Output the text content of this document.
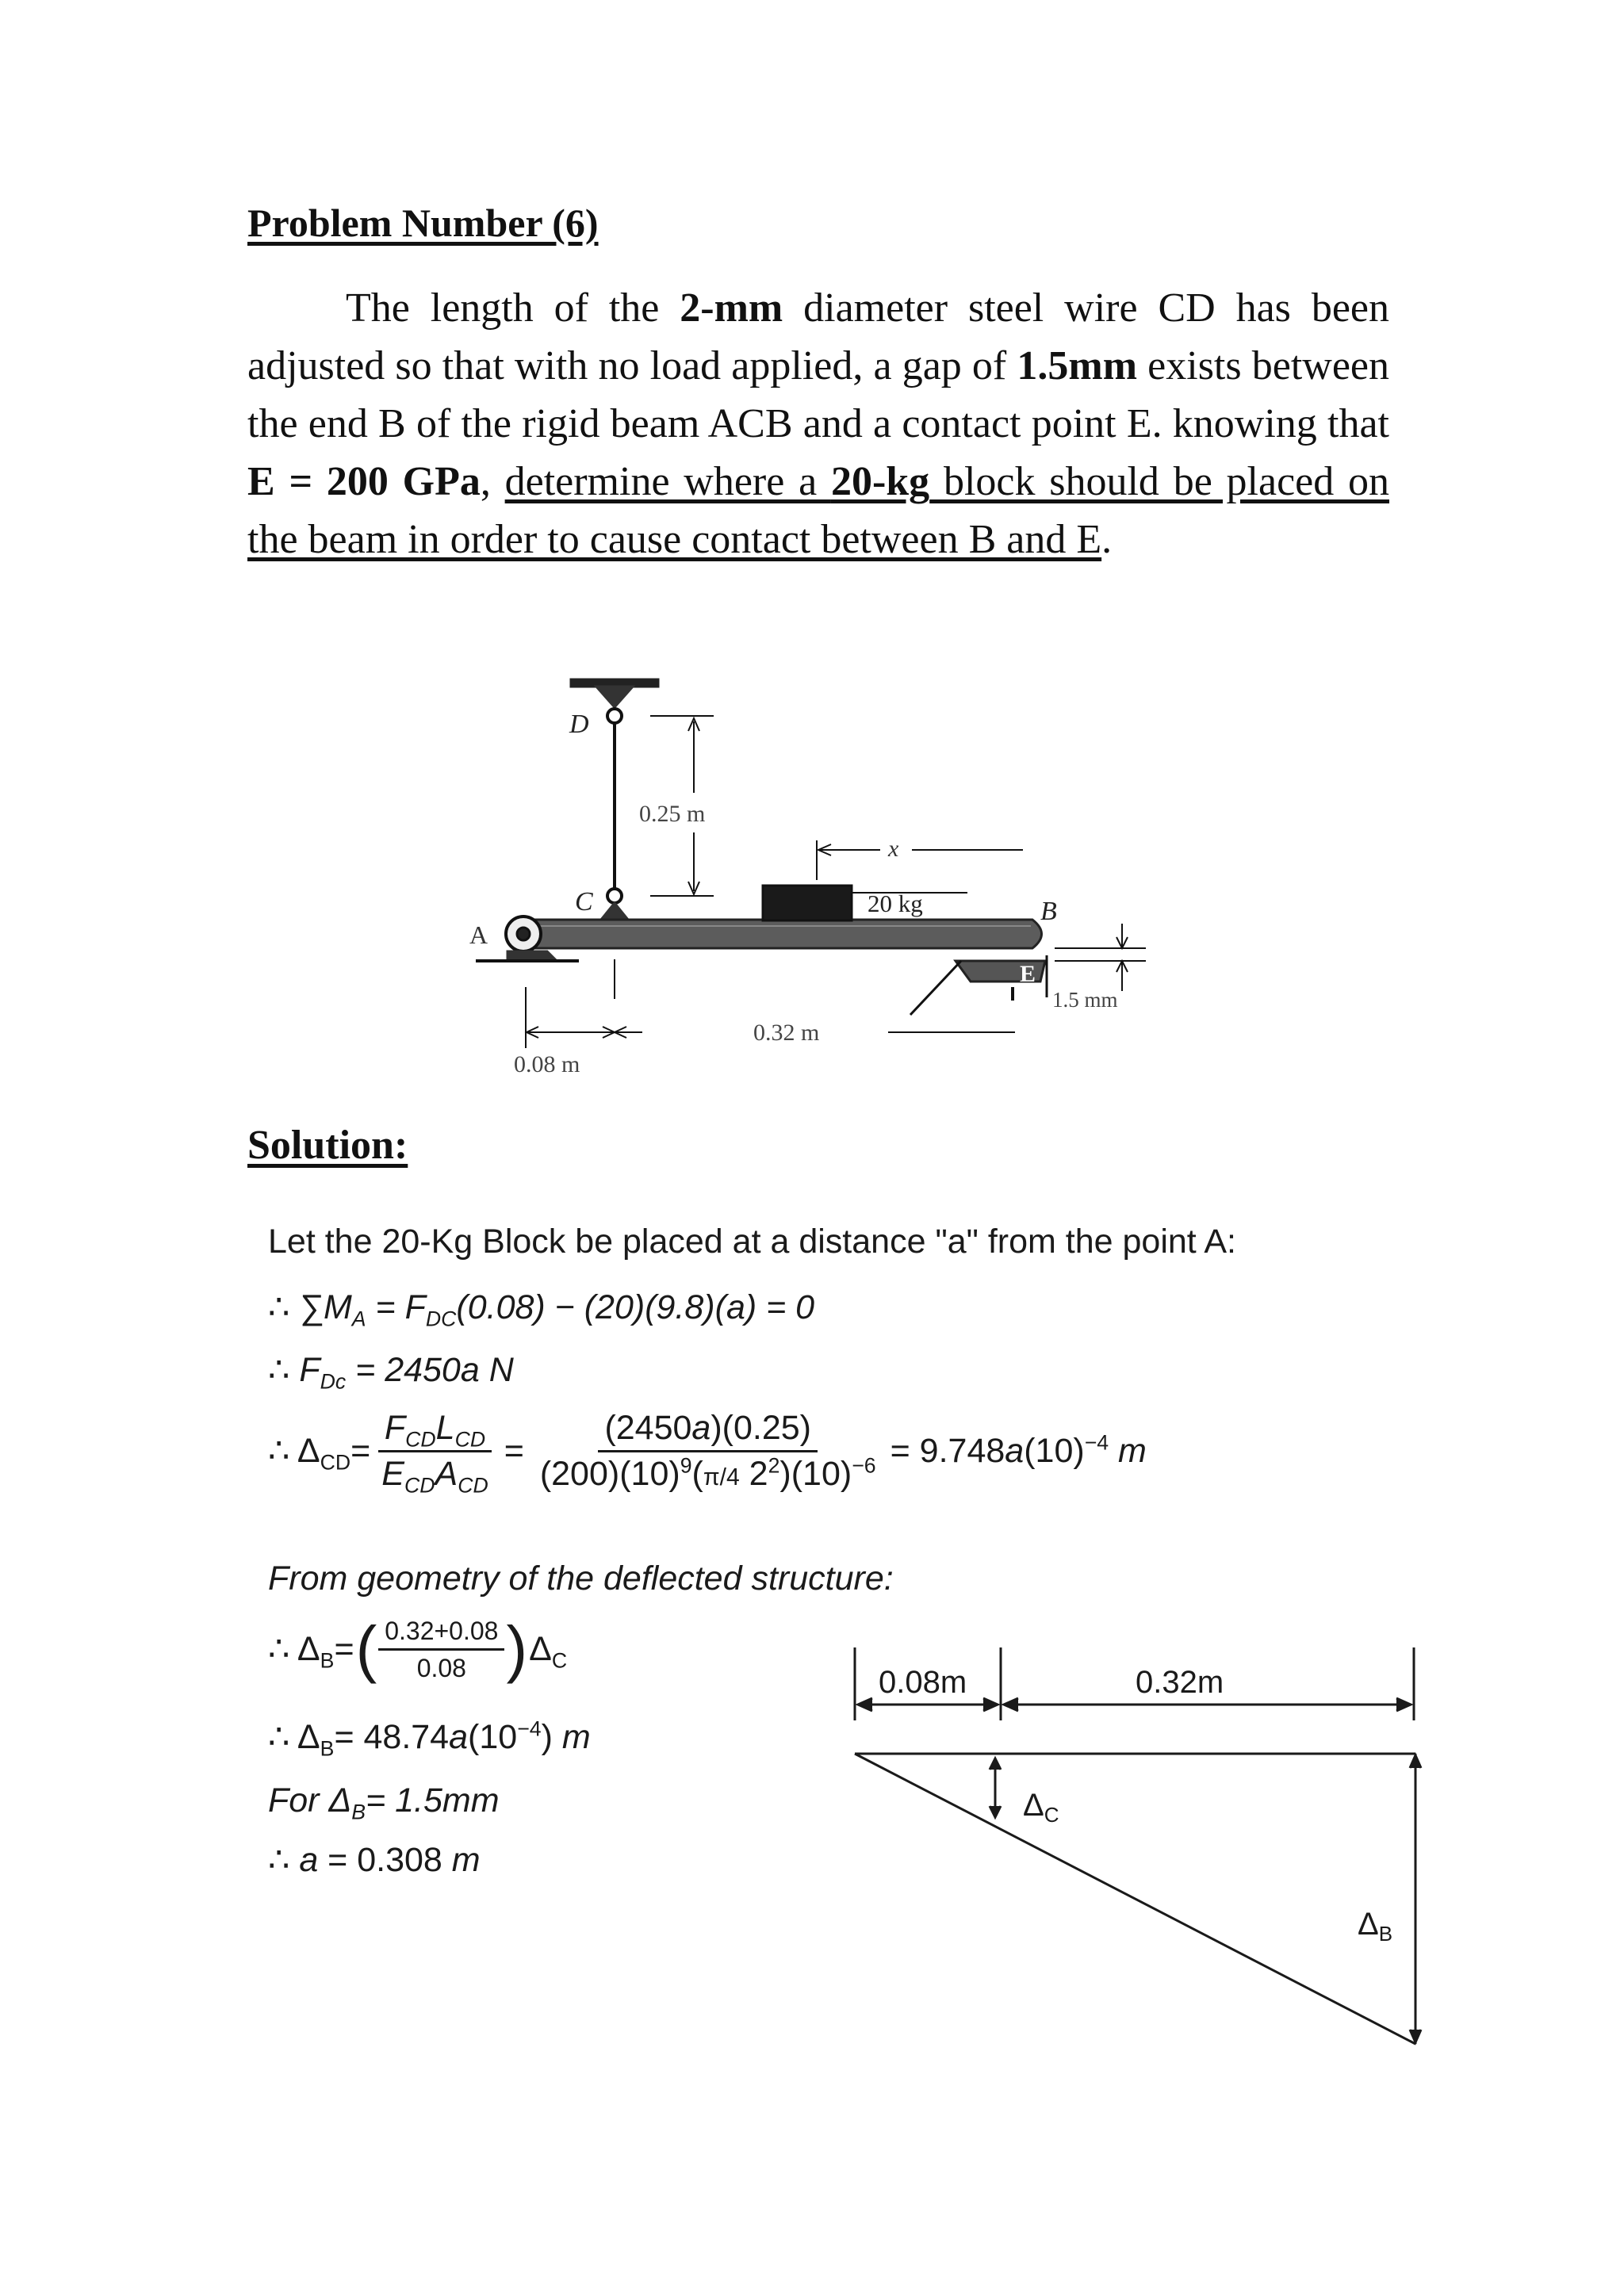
Problem Number (6)
The length of the 2-mm diameter steel wire CD has been adjusted so that with no load applied, a gap of 1.5mm exists between the end B of the rigid beam ACB and a contact point E. knowing that E = 200 GPa, determine where a 20-kg block should be placed on the beam in order to cause contact between B and E.
D
C
A
B
E
0.25 m
x
20 kg
1.5 mm
0.32 m
0.08 m
Solution:
Let the 20-Kg Block be placed at a distance "a" from the point A:
∴ $\sum M_A = F_{DC}(0.08) - (20)(9.8)(a) = 0$
∴ $F_{Dc} = 2450a$ N
∴ $\Delta_{CD}= \frac{F_{CD}L_{CD}}{E_{CD}A_{CD}} = \frac{(2450a)(0.25)}{(200)(10)^9(\pi/4 2^2)(10)^{-6}} = 9.748a(10)^{-4}$ m
From geometry of the deflected structure:
∴ $\Delta_B=$ ( $\frac{0.32+0.08}{0.08}$ ) $\Delta_C$
∴ $\Delta_B= 48.74a(10^{-4})$ m
For $\Delta_B= 1.5mm$
∴ a = 0.308 m
0.08m	0.32m
$\Delta_C$
$\Delta_B$
